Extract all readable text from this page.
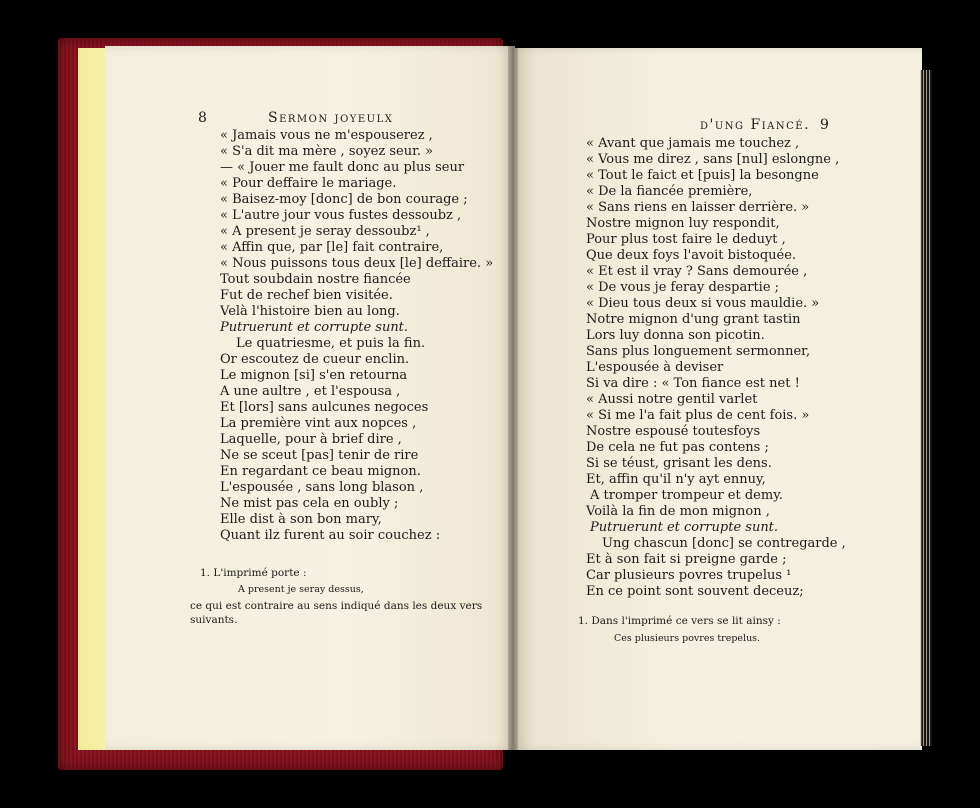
8	Sermon joyeulx
« Jamais vous ne m'espouserez ,
« S'a dit ma mère , soyez seur. »
— « Jouer me fault donc au plus seur
« Pour deffaire le mariage.
« Baisez-moy [donc] de bon courage ;
« L'autre jour vous fustes dessoubz ,
« A present je seray dessoubz¹ ,
« Affin que, par [le] fait contraire,
« Nous puissons tous deux [le] deffaire. »
Tout soubdain nostre fiancée
Fut de rechef bien visitée.
Velà l'histoire bien au long.
Putruerunt et corrupte sunt.
Le quatriesme, et puis la fin.
Or escoutez de cueur enclin.
Le mignon [si] s'en retourna
A une aultre , et l'espousa ,
Et [lors] sans aulcunes negoces
La première vint aux nopces ,
Laquelle, pour à brief dire ,
Ne se sceut [pas] tenir de rire
En regardant ce beau mignon.
L'espousée , sans long blason ,
Ne mist pas cela en oubly ;
Elle dist à son bon mary,
Quant ilz furent au soir couchez :
1. L'imprimé porte :
A present je seray dessus,
ce qui est contraire au sens indiqué dans les deux vers
suivants.
d'ung Fiancé. 9
« Avant que jamais me touchez ,
« Vous me direz , sans [nul] eslongne ,
« Tout le faict et [puis] la besongne
« De la fiancée première,
« Sans riens en laisser derrière. »
Nostre mignon luy respondit,
Pour plus tost faire le deduyt ,
Que deux foys l'avoit bistoquée.
« Et est il vray ? Sans demourée ,
« De vous je feray despartie ;
« Dieu tous deux si vous mauldie. »
Notre mignon d'ung grant tastin
Lors luy donna son picotin.
Sans plus longuement sermonner,
L'espousée à deviser
Si va dire : « Ton fiance est net !
« Aussi notre gentil varlet
« Si me l'a fait plus de cent fois. »
Nostre espousé toutesfoys
De cela ne fut pas contens ;
Si se téust, grisant les dens.
Et, affin qu'il n'y ayt ennuy,
A tromper trompeur et demy.
Voilà la fin de mon mignon ,
Putruerunt et corrupte sunt.
Ung chascun [donc] se contregarde ,
Et à son fait si preigne garde ;
Car plusieurs povres trupelus ¹
En ce point sont souvent deceuz;
1. Dans l'imprimé ce vers se lit ainsy :
Ces plusieurs povres trepelus.
